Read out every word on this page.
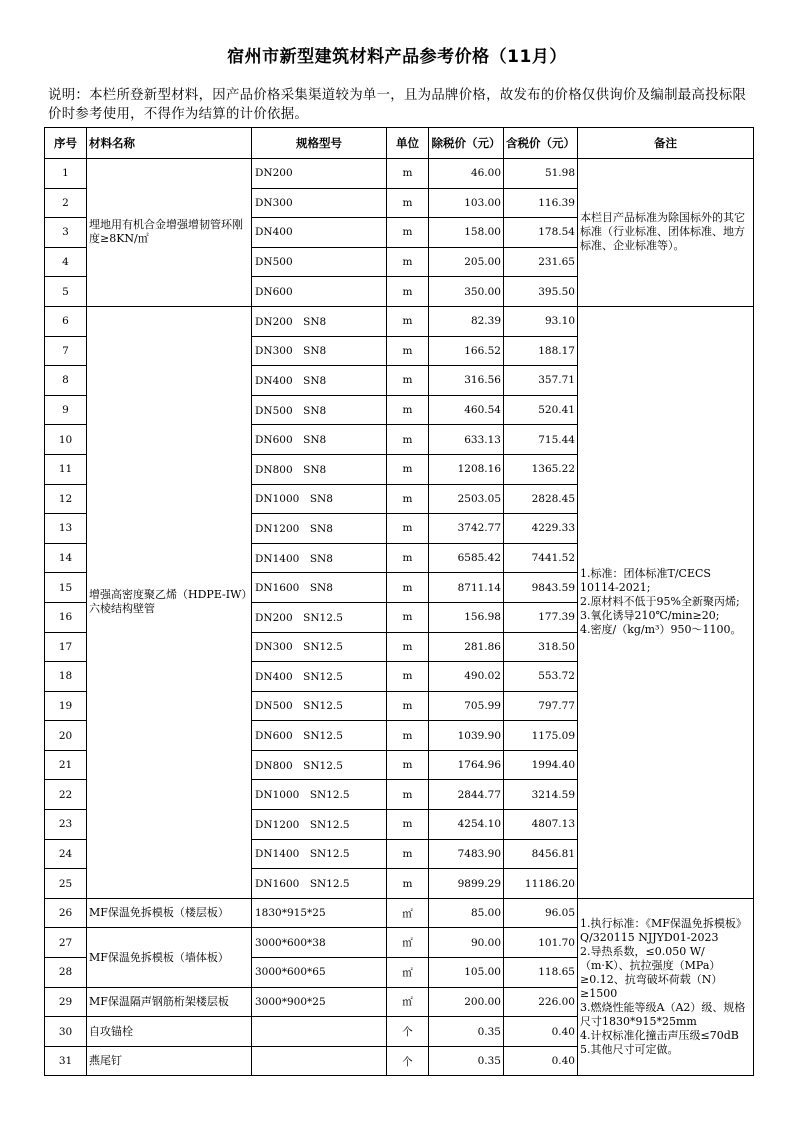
宿州市新型建筑材料产品参考价格（11月）
说明：本栏所登新型材料，因产品价格采集渠道较为单一，且为品牌价格，故发布的价格仅供询价及编制最高投标限价时参考使用，不得作为结算的计价依据。
序号	材料名称	规格型号	单位	除税价（元）	含税价（元）	备注
1	埋地用有机合金增强增韧管环刚度≥8KN/㎡	DN200	m	46.00	51.98	本栏目产品标准为除国标外的其它标准（行业标准、团体标准、地方标准、企业标准等）。

2		DN300	m	103.00	116.39	
3		DN400	m	158.00	178.54	
4		DN500	m	205.00	231.65	
5		DN600	m	350.00	395.50	
6	增强高密度聚乙烯（HDPE-IW）六棱结构壁管	DN200　SN8	m	82.39	93.10	1.标准：团体标准T/CECS 10114-2021;
2.原材料不低于95%全新聚丙烯;
3.氧化诱导210℃/min≥20;
4.密度/（kg/m³）950～1100。

7		DN300　SN8	m	166.52	188.17	
8		DN400　SN8	m	316.56	357.71	
9		DN500　SN8	m	460.54	520.41	
10		DN600　SN8	m	633.13	715.44	
11		DN800　SN8	m	1208.16	1365.22	
12		DN1000　SN8	m	2503.05	2828.45	
13		DN1200　SN8	m	3742.77	4229.33	
14		DN1400　SN8	m	6585.42	7441.52	
15		DN1600　SN8	m	8711.14	9843.59	
16		DN200　SN12.5	m	156.98	177.39	
17		DN300　SN12.5	m	281.86	318.50	
18		DN400　SN12.5	m	490.02	553.72	
19		DN500　SN12.5	m	705.99	797.77	
20		DN600　SN12.5	m	1039.90	1175.09	
21		DN800　SN12.5	m	1764.96	1994.40	
22		DN1000　SN12.5	m	2844.77	3214.59	
23		DN1200　SN12.5	m	4254.10	4807.13	
24		DN1400　SN12.5	m	7483.90	8456.81	
25		DN1600　SN12.5	m	9899.29	11186.20	
26	MF保温免拆模板（楼层板）	1830*915*25	㎡	85.00	96.05	1.执行标准：《MF保温免拆模板》Q/320115 NJJYD01-2023
2.导热系数，≤0.050 W/（m·K）、抗拉强度（MPa）≥0.12、抗弯破坏荷载（N）≥1500
3.燃烧性能等级A（A2）级、规格尺寸1830*915*25mm
4.计权标准化撞击声压级≤70dB
5.其他尺寸可定做。

27	MF保温免拆模板（墙体板）	3000*600*38	㎡	90.00	101.70	
28		3000*600*65	㎡	105.00	118.65	
29	MF保温隔声钢筋桁架楼层板	3000*900*25	㎡	200.00	226.00	
30	自攻锚栓		个	0.35	0.40	
31	燕尾钉		个	0.35	0.40	
